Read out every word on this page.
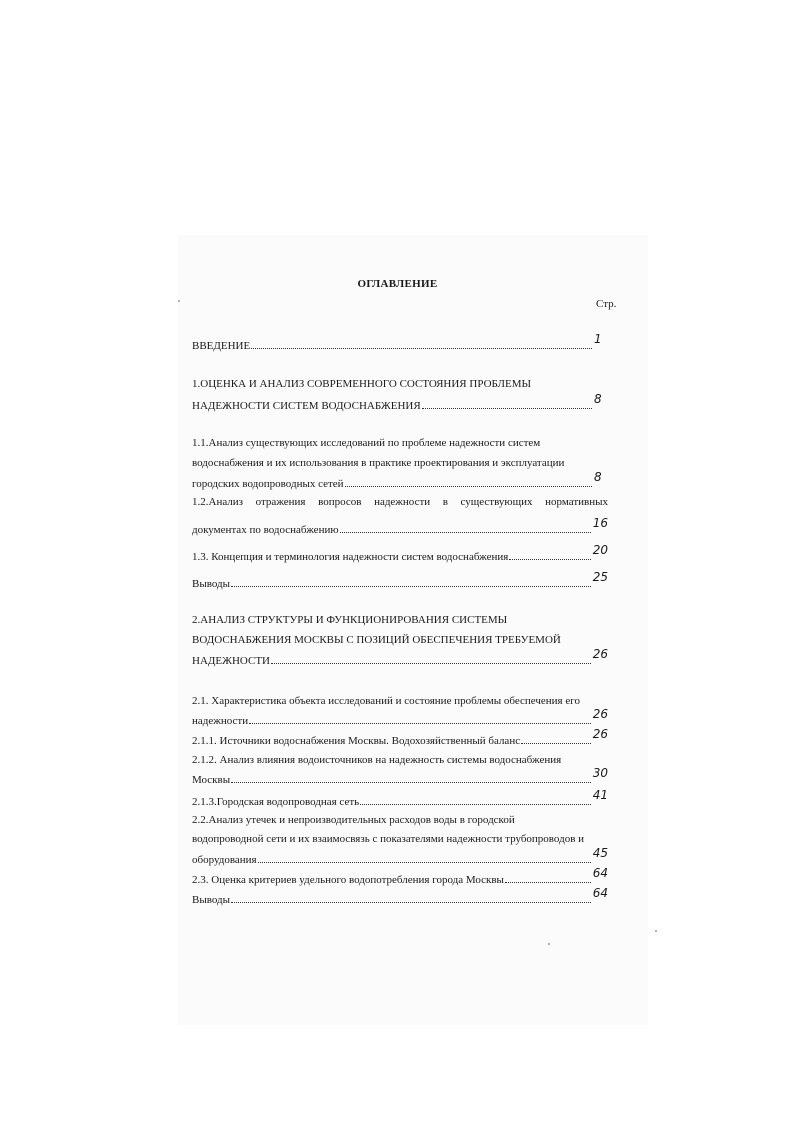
ОГЛАВЛЕНИЕ
Стр.
ВВЕДЕНИЕ	1
1.ОЦЕНКА И АНАЛИЗ СОВРЕМЕННОГО СОСТОЯНИЯ ПРОБЛЕМЫ
НАДЕЖНОСТИ СИСТЕМ ВОДОСНАБЖЕНИЯ	8
1.1.Анализ существующих исследований по проблеме надежности систем
водоснабжения и их использования в практике проектирования и эксплуатации
городских водопроводных сетей	8
1.2.Анализ отражения вопросов надежности в существующих нормативных
документах по водоснабжению	16
1.3. Концепция и терминология надежности систем водоснабжения	20
Выводы	25
2.АНАЛИЗ СТРУКТУРЫ И ФУНКЦИОНИРОВАНИЯ СИСТЕМЫ
ВОДОСНАБЖЕНИЯ МОСКВЫ С ПОЗИЦИЙ ОБЕСПЕЧЕНИЯ ТРЕБУЕМОЙ
НАДЕЖНОСТИ	26
2.1. Характеристика объекта исследований и состояние проблемы обеспечения его
надежности	26
2.1.1. Источники водоснабжения Москвы. Водохозяйственный баланс	26
2.1.2. Анализ влияния водоисточников на надежность системы водоснабжения
Москвы	30
2.1.3.Городская водопроводная сеть	41
2.2.Анализ утечек и непроизводительных расходов воды в городской
водопроводной сети и их взаимосвязь с показателями надежности трубопроводов и
оборудования	45
2.3. Оценка критериев удельного водопотребления города Москвы	64
Выводы	64
